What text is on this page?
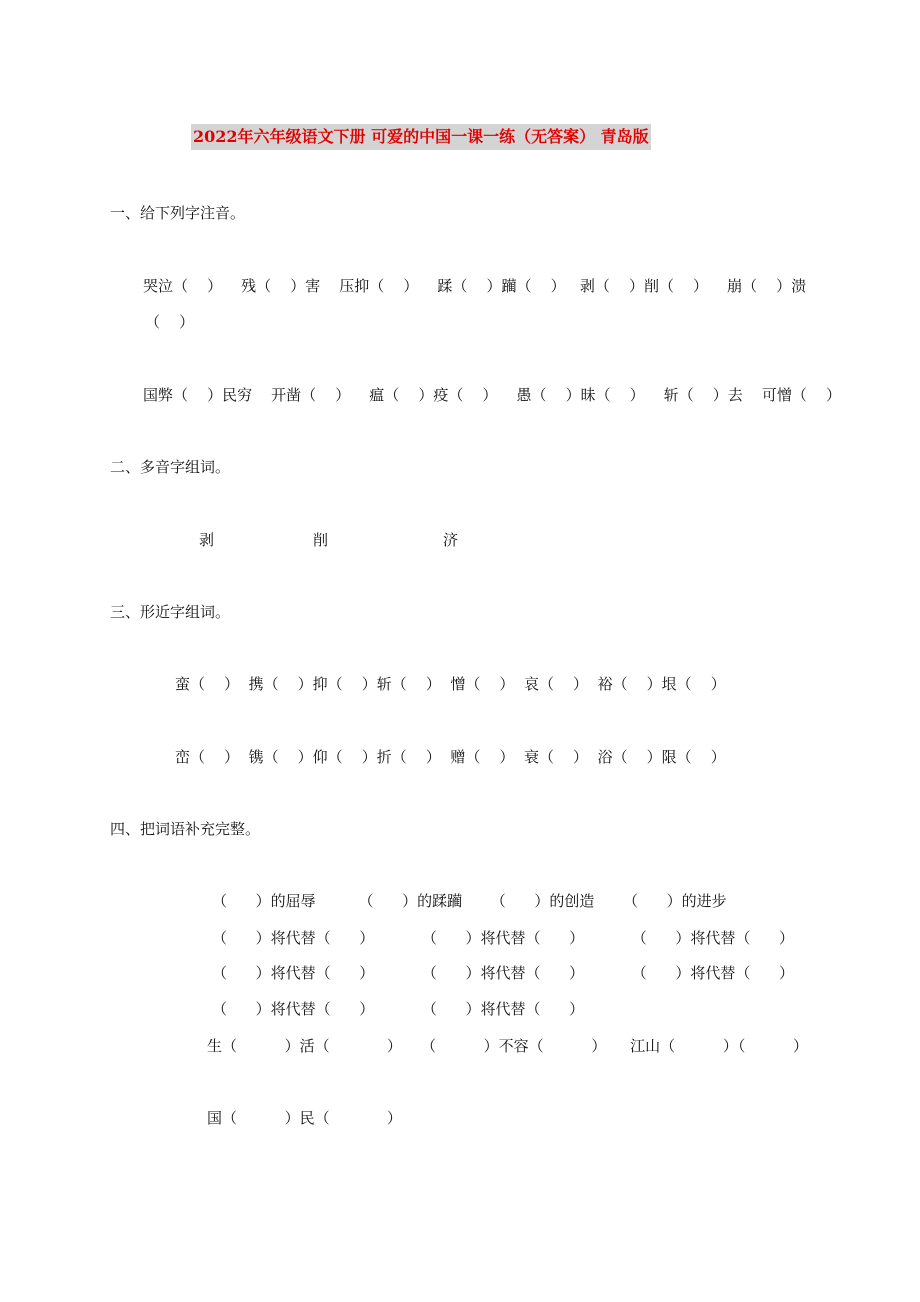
2022年六年级语文下册 可爱的中国一课一练（无答案） 青岛版
一、给下列字注音。
哭泣（    ）    残（    ）害    压抑（    ）    蹂（    ）躏（    ）   剥（    ）削（    ）    崩（    ）溃
（    ）
国弊（    ）民穷    开凿（    ）    瘟（    ）疫（    ）    愚（    ）昧（    ）    斩（    ）去    可憎（    ）
二、多音字组词。
剥	削	济
三、形近字组词。
蛮（    ）  携（    ）抑（    ）斩（    ）  憎（    ）  哀（    ）  裕（    ）垠（    ）
峦（    ）  镌（    ）仰（    ）折（    ）  赠（    ）  衰（    ）  浴（    ）限（    ）
四、把词语补充完整。
（      ）的屈辱         （      ）的蹂躏      （      ）的创造      （      ）的进步
（      ）将代替（      ）          （      ）将代替（      ）          （      ）将代替（      ）
（      ）将代替（      ）          （      ）将代替（      ）          （      ）将代替（      ）
（      ）将代替（      ）          （      ）将代替（      ）
生（          ）活（            ）    （          ）不容（          ）     江山（          ）（          ）
国（          ）民（            ）
